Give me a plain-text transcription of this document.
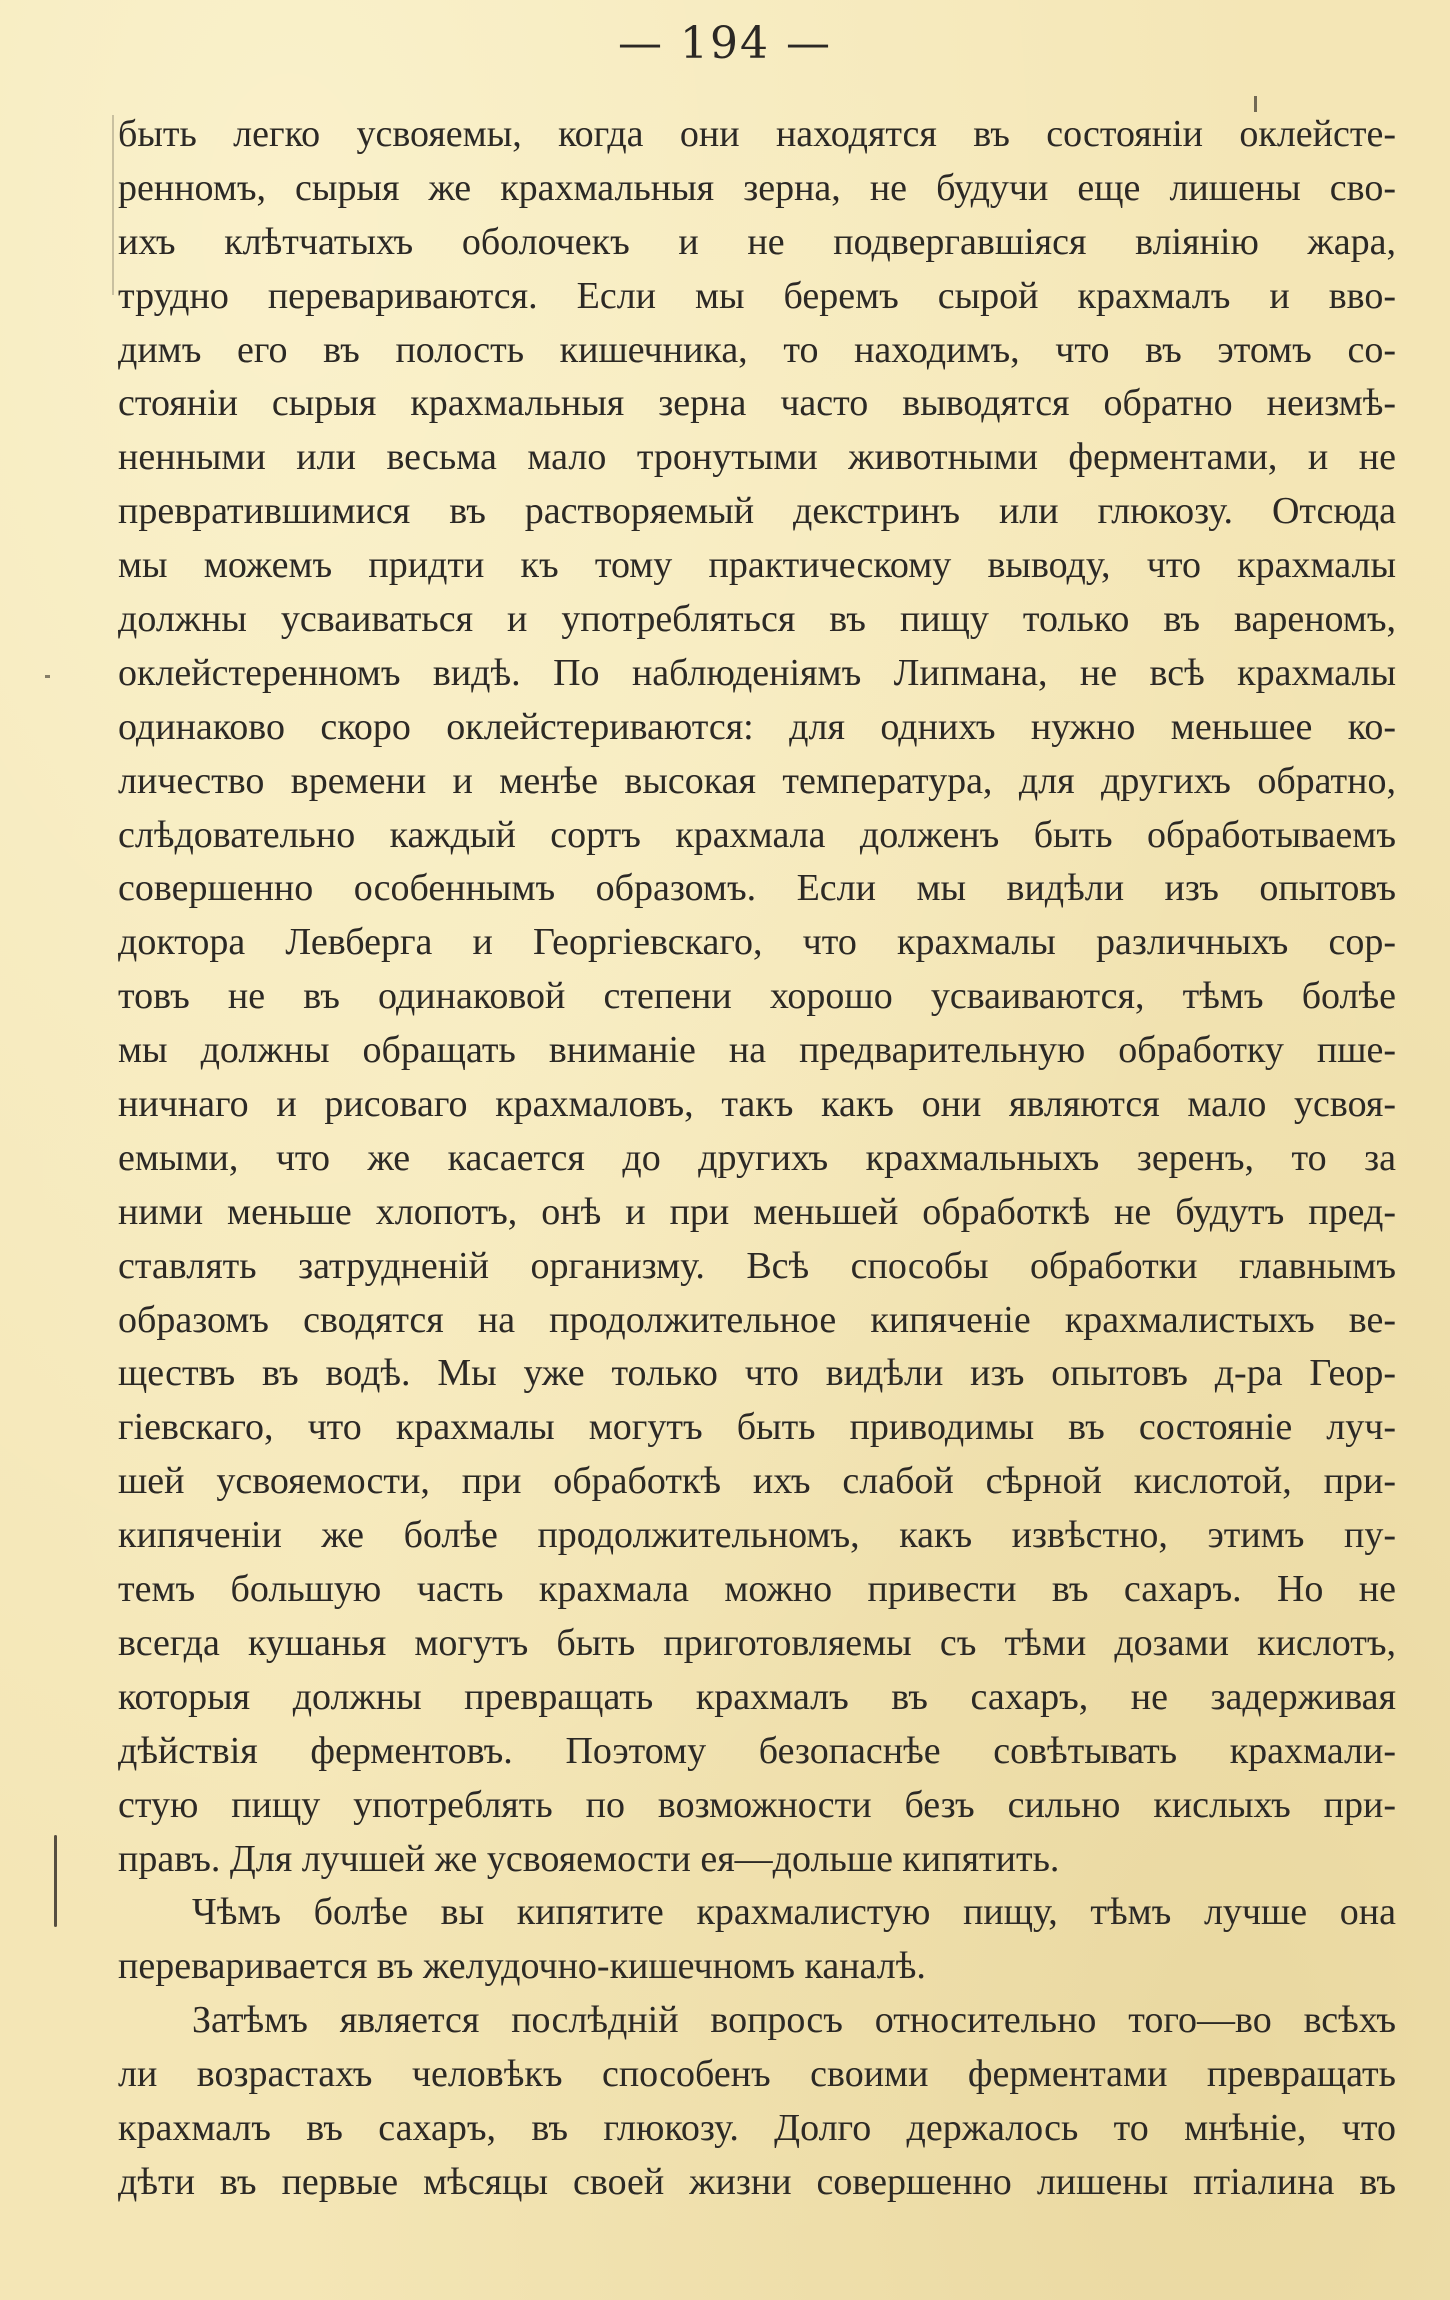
— 194 —
быть легко усвояемы, когда они находятся въ состояніи оклейсте-
ренномъ, сырыя же крахмальныя зерна, не будучи еще лишены сво-
ихъ клѣтчатыхъ оболочекъ и не подвергавшіяся вліянію жара,
трудно перевариваются. Если мы беремъ сырой крахмалъ и вво-
димъ его въ полость кишечника, то находимъ, что въ этомъ со-
стояніи сырыя крахмальныя зерна часто выводятся обратно неизмѣ-
ненными или весьма мало тронутыми животными ферментами, и не
превратившимися въ растворяемый декстринъ или глюкозу. Отсюда
мы можемъ придти къ тому практическому выводу, что крахмалы
должны усваиваться и употребляться въ пищу только въ вареномъ,
оклейстеренномъ видѣ. По наблюденіямъ Липмана, не всѣ крахмалы
одинаково скоро оклейстериваются: для однихъ нужно меньшее ко-
личество времени и менѣе высокая температура, для другихъ обратно,
слѣдовательно каждый сортъ крахмала долженъ быть обработываемъ
совершенно особеннымъ образомъ. Если мы видѣли изъ опытовъ
доктора Левберга и Георгіевскаго, что крахмалы различныхъ сор-
товъ не въ одинаковой степени хорошо усваиваются, тѣмъ болѣе
мы должны обращать вниманіе на предварительную обработку пше-
ничнаго и рисоваго крахмаловъ, такъ какъ они являются мало усвоя-
емыми, что же касается до другихъ крахмальныхъ зеренъ, то за
ними меньше хлопотъ, онѣ и при меньшей обработкѣ не будутъ пред-
ставлять затрудненій организму. Всѣ способы обработки главнымъ
образомъ сводятся на продолжительное кипяченіе крахмалистыхъ ве-
ществъ въ водѣ. Мы уже только что видѣли изъ опытовъ д-ра Геор-
гіевскаго, что крахмалы могутъ быть приводимы въ состояніе луч-
шей усвояемости, при обработкѣ ихъ слабой сѣрной кислотой, при-
кипяченіи же болѣе продолжительномъ, какъ извѣстно, этимъ пу-
темъ большую часть крахмала можно привести въ сахаръ. Но не
всегда кушанья могутъ быть приготовляемы съ тѣми дозами кислотъ,
которыя должны превращать крахмалъ въ сахаръ, не задерживая
дѣйствія ферментовъ. Поэтому безопаснѣе совѣтывать крахмали-
стую пищу употреблять по возможности безъ сильно кислыхъ при-
правъ. Для лучшей же усвояемости ея—дольше кипятить.
Чѣмъ болѣе вы кипятите крахмалистую пищу, тѣмъ лучше она
переваривается въ желудочно-кишечномъ каналѣ.
Затѣмъ является послѣдній вопросъ относительно того—во всѣхъ
ли возрастахъ человѣкъ способенъ своими ферментами превращать
крахмалъ въ сахаръ, въ глюкозу. Долго держалось то мнѣніе, что
дѣти въ первые мѣсяцы своей жизни совершенно лишены птіалина въ
